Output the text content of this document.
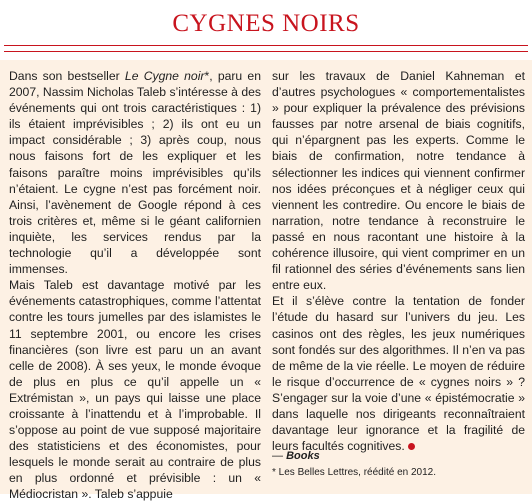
CYGNES NOIRS

Dans son bestseller Le Cygne noir*, paru en 2007, Nassim Nicholas Taleb s’intéresse à des événements qui ont trois caractéristiques : 1) ils étaient imprévisibles ; 2) ils ont eu un impact considérable ; 3) après coup, nous nous faisons fort de les expliquer et les faisons paraître moins imprévisibles qu’ils n’étaient. Le cygne n’est pas forcément noir. Ainsi, l’avènement de Google répond à ces trois critères et, même si le géant californien inquiète, les services rendus par la technologie qu’il a développée sont immenses.

Mais Taleb est davantage motivé par les événements catastrophiques, comme l’attentat contre les tours jumelles par des islamistes le 11 septembre 2001, ou encore les crises financières (son livre est paru un an avant celle de 2008). À ses yeux, le monde évoque de plus en plus ce qu’il appelle un « Extrémistan », un pays qui laisse une place croissante à l’inattendu et à l’improbable. Il s’oppose au point de vue supposé majoritaire des statisticiens et des économistes, pour lesquels le monde serait au contraire de plus en plus ordonné et prévisible : un « Médiocristan ». Taleb s’appuie

sur les travaux de Daniel Kahneman et d’autres psychologues « comportementalistes » pour expliquer la prévalence des prévisions fausses par notre arsenal de biais cognitifs, qui n’épargnent pas les experts. Comme le biais de confirmation, notre tendance à sélectionner les indices qui viennent confirmer nos idées préconçues et à négliger ceux qui viennent les contredire. Ou encore le biais de narration, notre tendance à reconstruire le passé en nous racontant une histoire à la cohérence illusoire, qui vient comprimer en un fil rationnel des séries d’événements sans lien entre eux.

Et il s’élève contre la tentation de fonder l’étude du hasard sur l’univers du jeu. Les casinos ont des règles, les jeux numériques sont fondés sur des algorithmes. Il n’en va pas de même de la vie réelle. Le moyen de réduire le risque d’occurrence de « cygnes noirs » ? S’engager sur la voie d’une « épistémocratie » dans laquelle nos dirigeants reconnaîtraient davantage leur ignorance et la fragilité de leurs facultés cognitives.

— Books
* Les Belles Lettres, réédité en 2012.
